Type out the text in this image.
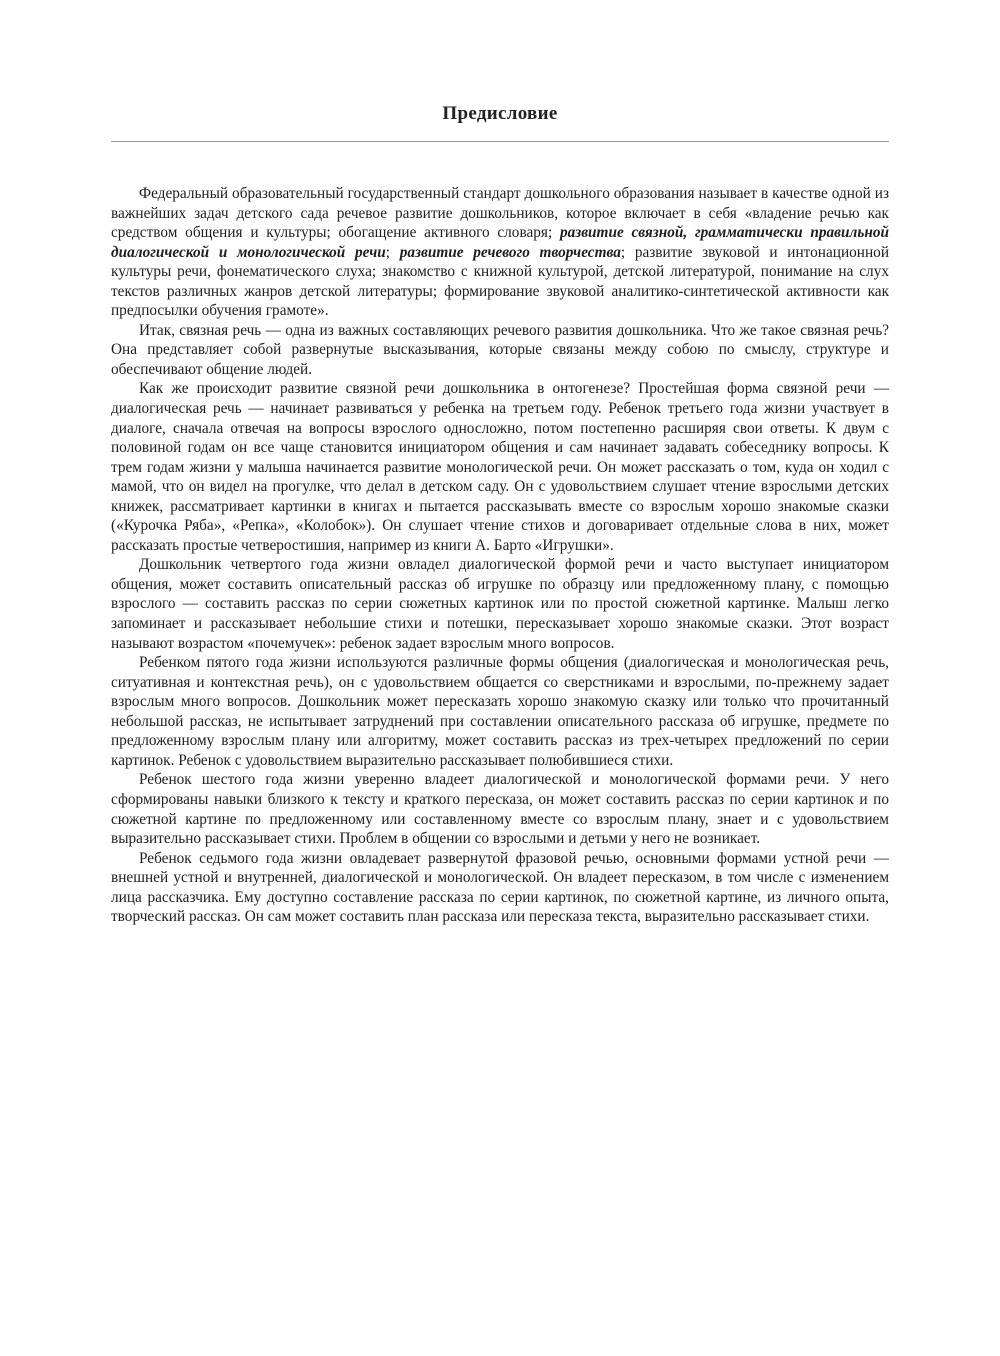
Предисловие

Федеральный образовательный государственный стандарт дошкольного образования называет в качестве одной из важнейших задач детского сада речевое развитие дошкольников, которое включает в себя «владение речью как средством общения и культуры; обогащение активного словаря; развитие связной, грамматически правильной диалогической и монологической речи; развитие речевого творчества; развитие звуковой и интонационной культуры речи, фонематического слуха; знакомство с книжной культурой, детской литературой, понимание на слух текстов различных жанров детской литературы; формирование звуковой аналитико-синтетической активности как предпосылки обучения грамоте».

Итак, связная речь — одна из важных составляющих речевого развития дошкольника. Что же такое связная речь? Она представляет собой развернутые высказывания, которые связаны между собою по смыслу, структуре и обеспечивают общение людей.

Как же происходит развитие связной речи дошкольника в онтогенезе? Простейшая форма связной речи — диалогическая речь — начинает развиваться у ребенка на третьем году. Ребенок третьего года жизни участвует в диалоге, сначала отвечая на вопросы взрослого односложно, потом постепенно расширяя свои ответы. К двум с половиной годам он все чаще становится инициатором общения и сам начинает задавать собеседнику вопросы. К трем годам жизни у малыша начинается развитие монологической речи. Он может рассказать о том, куда он ходил с мамой, что он видел на прогулке, что делал в детском саду. Он с удовольствием слушает чтение взрослыми детских книжек, рассматривает картинки в книгах и пытается рассказывать вместе со взрослым хорошо знакомые сказки («Курочка Ряба», «Репка», «Колобок»). Он слушает чтение стихов и договаривает отдельные слова в них, может рассказать простые четверостишия, например из книги А. Барто «Игрушки».

Дошкольник четвертого года жизни овладел диалогической формой речи и часто выступает инициатором общения, может составить описательный рассказ об игрушке по образцу или предложенному плану, с помощью взрослого — составить рассказ по серии сюжетных картинок или по простой сюжетной картинке. Малыш легко запоминает и рассказывает небольшие стихи и потешки, пересказывает хорошо знакомые сказки. Этот возраст называют возрастом «почемучек»: ребенок задает взрослым много вопросов.

Ребенком пятого года жизни используются различные формы общения (диалогическая и монологическая речь, ситуативная и контекстная речь), он с удовольствием общается со сверстниками и взрослыми, по-прежнему задает взрослым много вопросов. Дошкольник может пересказать хорошо знакомую сказку или только что прочитанный небольшой рассказ, не испытывает затруднений при составлении описательного рассказа об игрушке, предмете по предложенному взрослым плану или алгоритму, может составить рассказ из трех-четырех предложений по серии картинок. Ребенок с удовольствием выразительно рассказывает полюбившиеся стихи.

Ребенок шестого года жизни уверенно владеет диалогической и монологической формами речи. У него сформированы навыки близкого к тексту и краткого пересказа, он может составить рассказ по серии картинок и по сюжетной картине по предложенному или составленному вместе со взрослым плану, знает и с удовольствием выразительно рассказывает стихи. Проблем в общении со взрослыми и детьми у него не возникает.

Ребенок седьмого года жизни овладевает развернутой фразовой речью, основными формами устной речи — внешней устной и внутренней, диалогической и монологической. Он владеет пересказом, в том числе с изменением лица рассказчика. Ему доступно составление рассказа по серии картинок, по сюжетной картине, из личного опыта, творческий рассказ. Он сам может составить план рассказа или пересказа текста, выразительно рассказывает стихи.
